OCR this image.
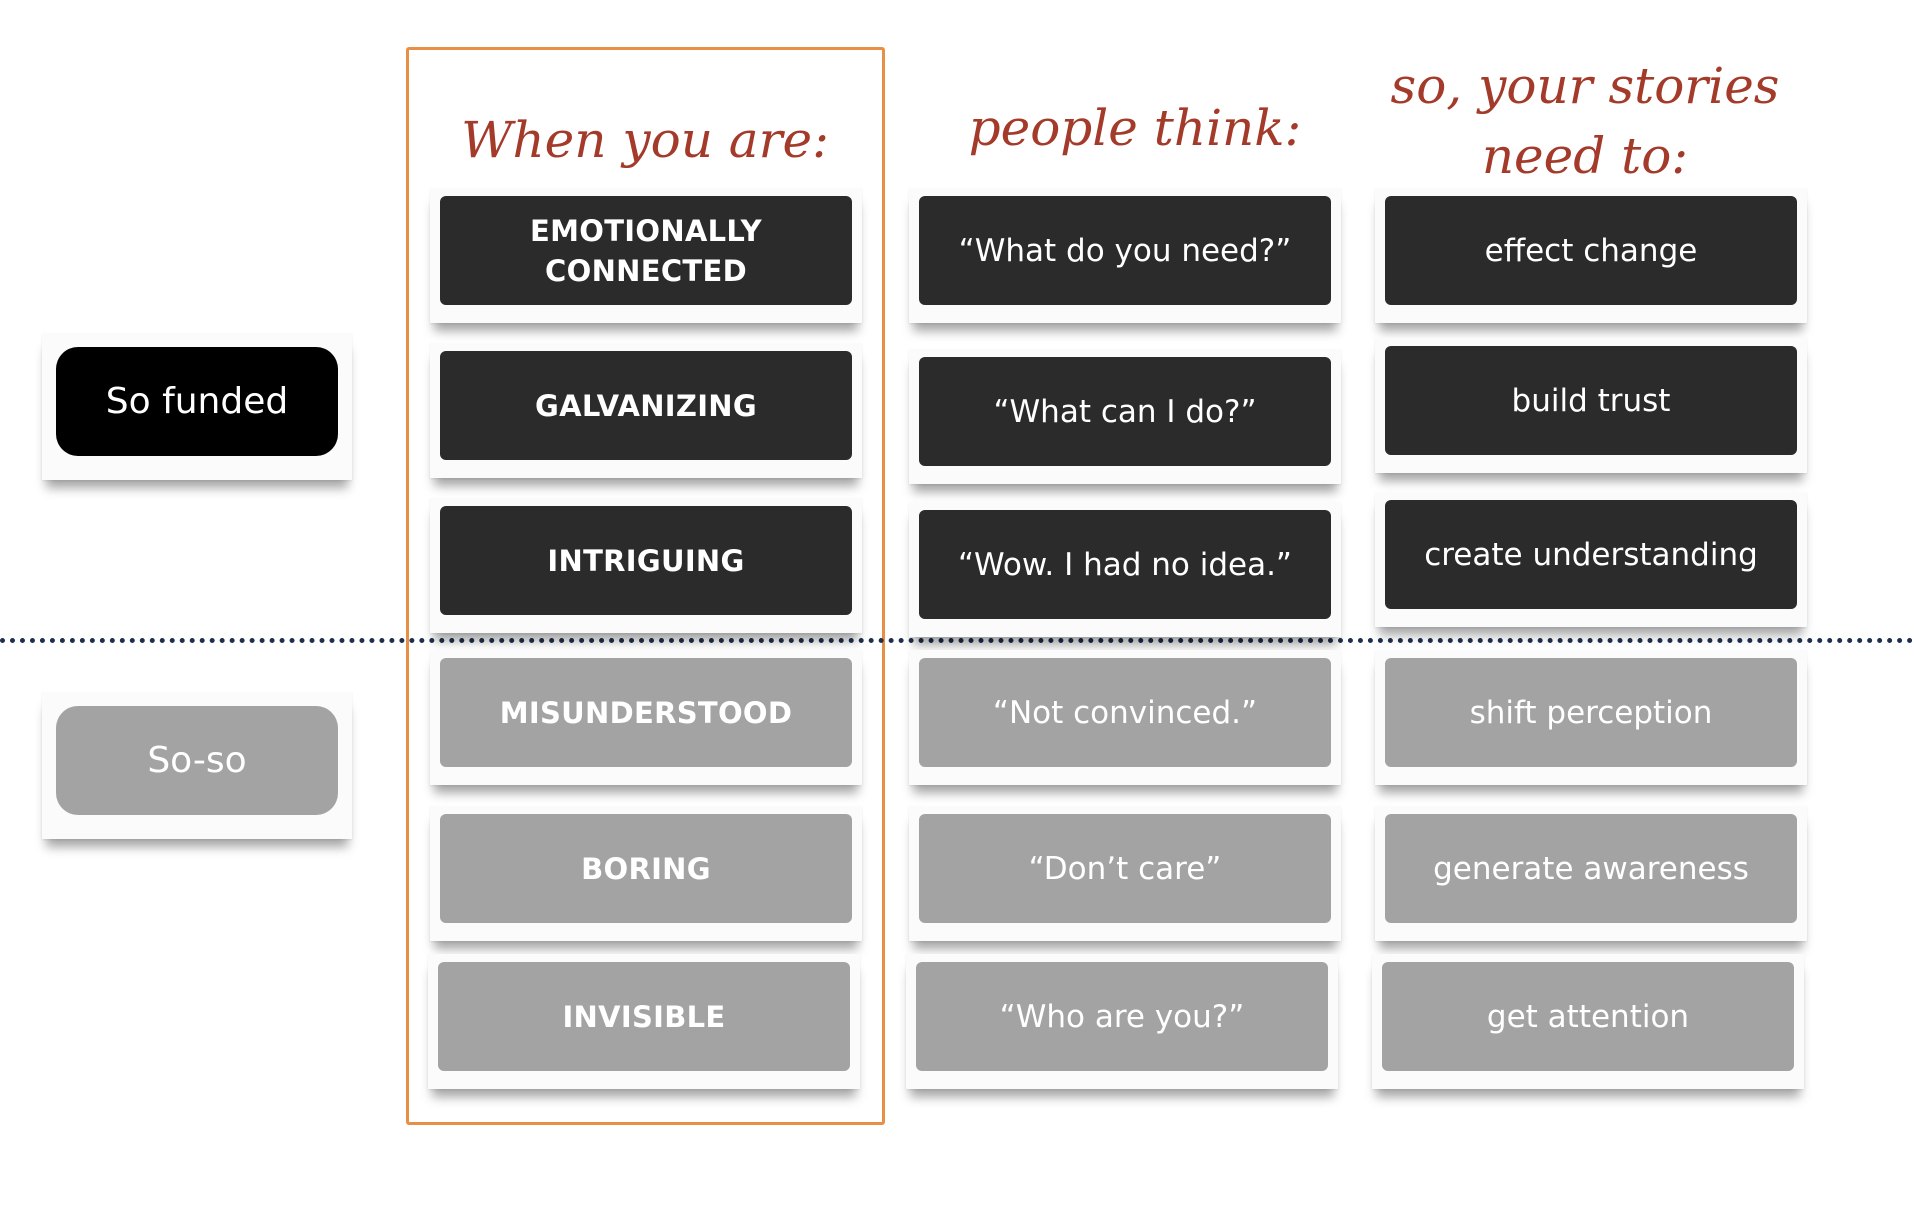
When you are:	people think:
so, your stories
need to:
So funded
So-so
EMOTIONALLY CONNECTED
GALVANIZING
INTRIGUING
MISUNDERSTOOD
BORING
INVISIBLE
“What do you need?”
“What can I do?”
“Wow. I had no idea.”
“Not convinced.”
“Don’t care”
“Who are you?”
effect change
build trust
create understanding
shift perception
generate awareness
get attention
